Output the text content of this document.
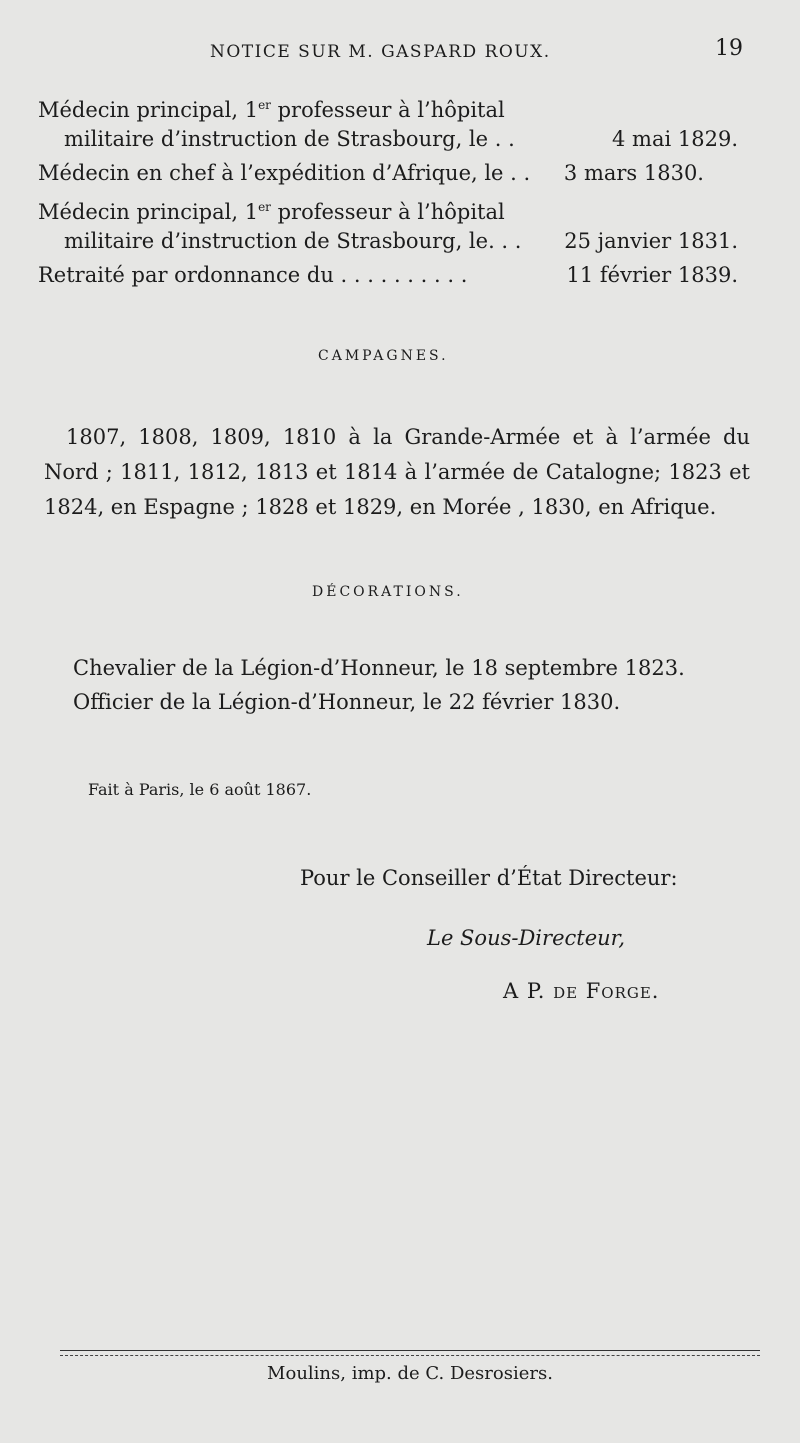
NOTICE SUR M. GASPARD ROUX.	19
Médecin principal, 1er professeur à l’hôpital
militaire d’instruction de Strasbourg, le . .	4 mai 1829.
Médecin en chef à l’expédition d’Afrique, le . . 3 mars 1830.
Médecin principal, 1er professeur à l’hôpital
militaire d’instruction de Strasbourg, le. . . 25 janvier 1831.
Retraité par ordonnance du . . . . . . . . . .	11 février 1839.
CAMPAGNES.
1807, 1808, 1809, 1810 à la Grande-Armée et à l’armée du Nord ; 1811, 1812, 1813 et 1814 à l’armée de Catalogne; 1823 et 1824, en Espagne ; 1828 et 1829, en Morée , 1830, en Afrique.
DÉCORATIONS.
Chevalier de la Légion-d’Honneur, le 18 septembre 1823.
Officier de la Légion-d’Honneur, le 22 février 1830.
Fait à Paris, le 6 août 1867.
Pour le Conseiller d’État Directeur:
Le Sous-Directeur,
A P. de Forge.
Moulins, imp. de C. Desrosiers.
